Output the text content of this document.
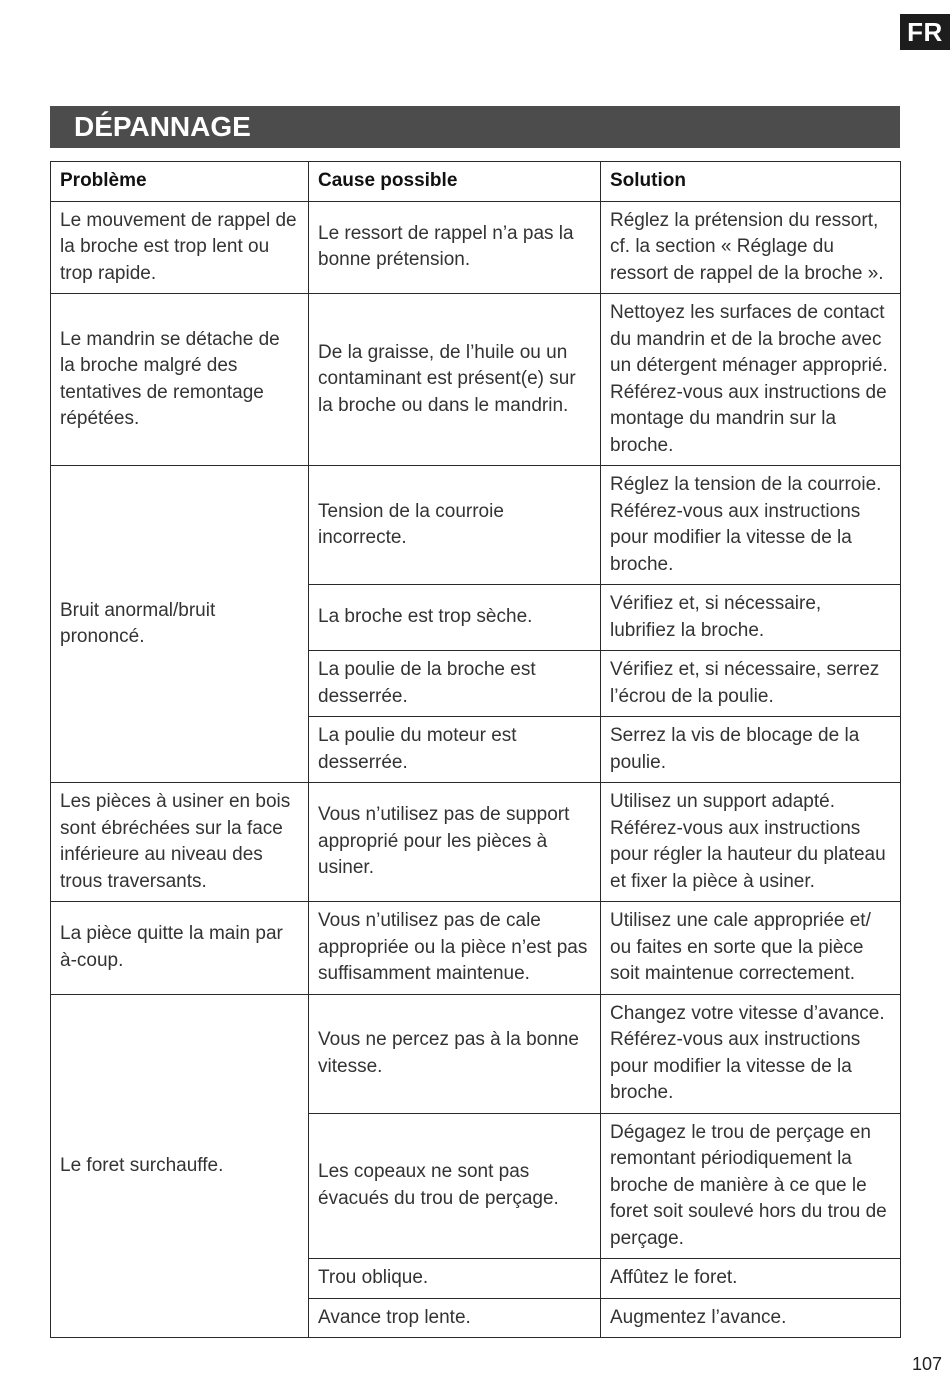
FR
DÉPANNAGE
Problème	Cause possible	Solution
Le mouvement de rappel de la broche est trop lent ou trop rapide.	Le ressort de rappel n’a pas la bonne prétension.	Réglez la prétension du ressort, cf. la section « Réglage du ressort de rappel de la broche ».
Le mandrin se détache de la broche malgré des tentatives de remontage répétées.	De la graisse, de l’huile ou un contaminant est présent(e) sur la broche ou dans le mandrin.	Nettoyez les surfaces de contact du mandrin et de la broche avec un détergent ménager approprié. Référez-vous aux instructions de montage du mandrin sur la broche.
Bruit anormal/bruit prononcé.	Tension de la courroie incorrecte.	Réglez la tension de la courroie. Référez-vous aux instructions pour modifier la vitesse de la broche.
	La broche est trop sèche.	Vérifiez et, si nécessaire, lubrifiez la broche.
	La poulie de la broche est desserrée.	Vérifiez et, si nécessaire, serrez l’écrou de la poulie.
	La poulie du moteur est desserrée.	Serrez la vis de blocage de la poulie.
Les pièces à usiner en bois sont ébréchées sur la face inférieure au niveau des trous traversants.	Vous n’utilisez pas de support approprié pour les pièces à usiner.	Utilisez un support adapté. Référez-vous aux instructions pour régler la hauteur du plateau et fixer la pièce à usiner.
La pièce quitte la main par à-coup.	Vous n’utilisez pas de cale appropriée ou la pièce n’est pas suffisamment maintenue.	Utilisez une cale appropriée et/ ou faites en sorte que la pièce soit maintenue correctement.
Le foret surchauffe.	Vous ne percez pas à la bonne vitesse.	Changez votre vitesse d’avance. Référez-vous aux instructions pour modifier la vitesse de la broche.
	Les copeaux ne sont pas évacués du trou de perçage.	Dégagez le trou de perçage en remontant périodiquement la broche de manière à ce que le foret soit soulevé hors du trou de perçage.
	Trou oblique.	Affûtez le foret.
	Avance trop lente.	Augmentez l’avance.
107
